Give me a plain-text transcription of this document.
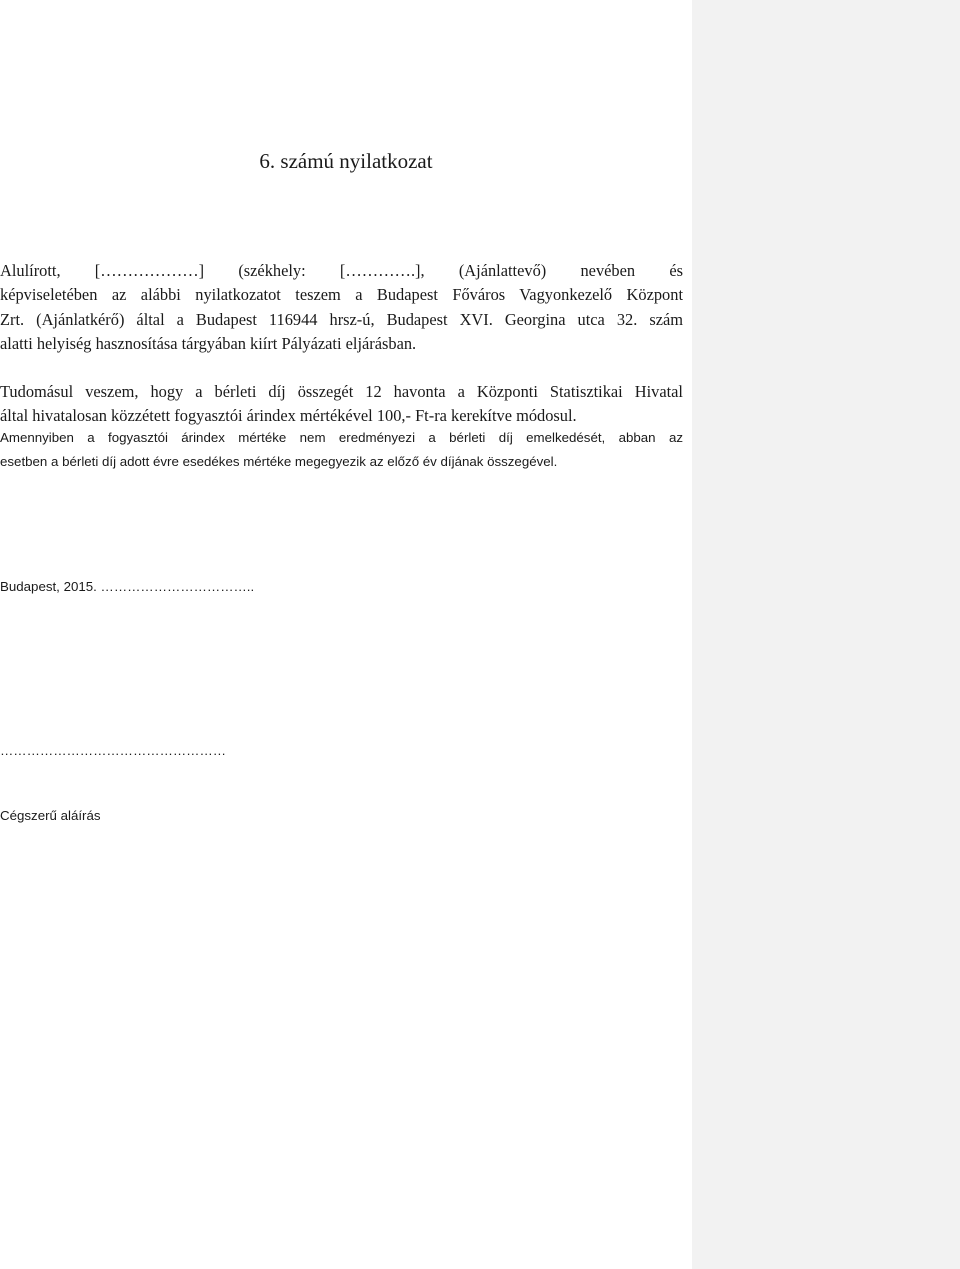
6. számú nyilatkozat
Alulírott, [………………] (székhely: [………….], (Ajánlattevő) nevében és
képviseletében az alábbi nyilatkozatot teszem a Budapest Főváros Vagyonkezelő Központ
Zrt. (Ajánlatkérő) által a Budapest 116944 hrsz-ú, Budapest XVI. Georgina utca 32. szám
alatti helyiség hasznosítása tárgyában kiírt Pályázati eljárásban.
Tudomásul veszem, hogy a bérleti díj összegét 12 havonta a Központi Statisztikai Hivatal
által hivatalosan közzétett fogyasztói árindex mértékével 100,- Ft-ra kerekítve módosul.
Amennyiben a fogyasztói árindex mértéke nem eredményezi a bérleti díj emelkedését, abban az
esetben a bérleti díj adott évre esedékes mértéke megegyezik az előző év díjának összegével.
Budapest, 2015. ……………………………..
……………………………………………
Cégszerű aláírás
